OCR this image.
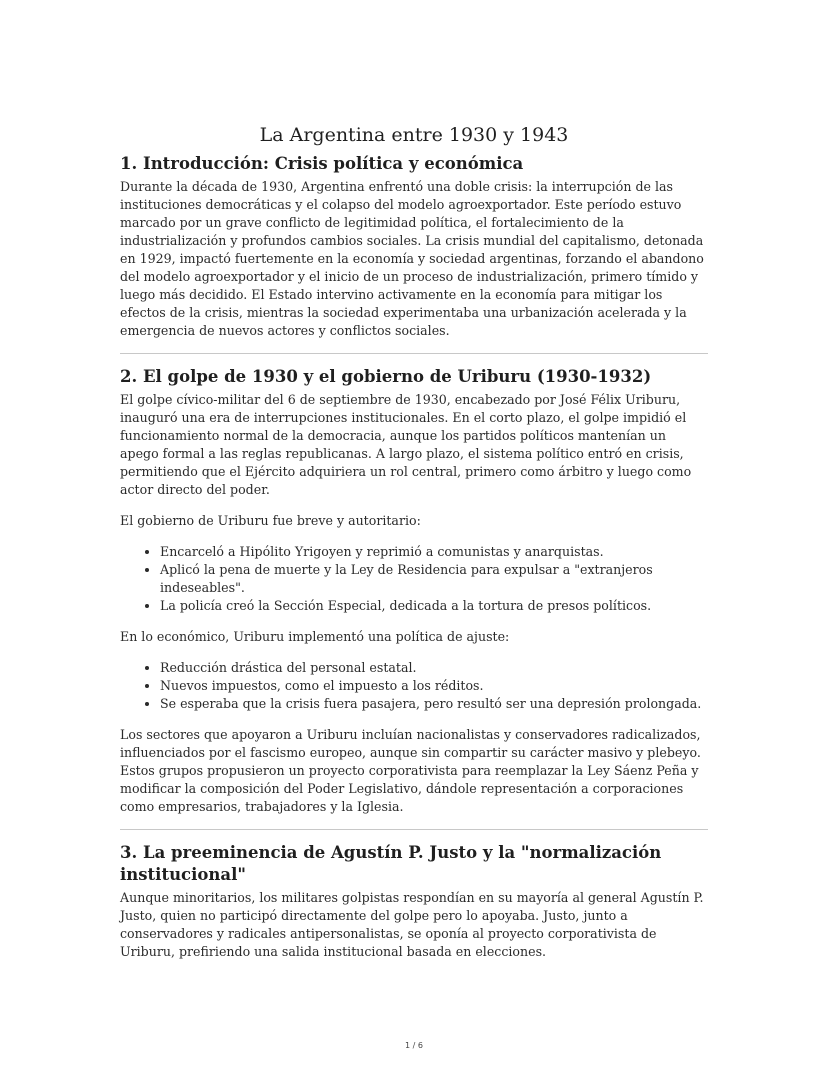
La Argentina entre 1930 y 1943
1. Introducción: Crisis política y económica

Durante la década de 1930, Argentina enfrentó una doble crisis: la interrupción de las instituciones democráticas y el colapso del modelo agroexportador. Este período estuvo marcado por un grave conflicto de legitimidad política, el fortalecimiento de la industrialización y profundos cambios sociales. La crisis mundial del capitalismo, detonada en 1929, impactó fuertemente en la economía y sociedad argentinas, forzando el abandono del modelo agroexportador y el inicio de un proceso de industrialización, primero tímido y luego más decidido. El Estado intervino activamente en la economía para mitigar los efectos de la crisis, mientras la sociedad experimentaba una urbanización acelerada y la emergencia de nuevos actores y conflictos sociales.

2. El golpe de 1930 y el gobierno de Uriburu (1930-1932)

El golpe cívico-militar del 6 de septiembre de 1930, encabezado por José Félix Uriburu, inauguró una era de interrupciones institucionales. En el corto plazo, el golpe impidió el funcionamiento normal de la democracia, aunque los partidos políticos mantenían un apego formal a las reglas republicanas. A largo plazo, el sistema político entró en crisis, permitiendo que el Ejército adquiriera un rol central, primero como árbitro y luego como actor directo del poder.

El gobierno de Uriburu fue breve y autoritario:

• Encarceló a Hipólito Yrigoyen y reprimió a comunistas y anarquistas.
• Aplicó la pena de muerte y la Ley de Residencia para expulsar a "extranjeros indeseables".
• La policía creó la Sección Especial, dedicada a la tortura de presos políticos.

En lo económico, Uriburu implementó una política de ajuste:

• Reducción drástica del personal estatal.
• Nuevos impuestos, como el impuesto a los réditos.
• Se esperaba que la crisis fuera pasajera, pero resultó ser una depresión prolongada.

Los sectores que apoyaron a Uriburu incluían nacionalistas y conservadores radicalizados, influenciados por el fascismo europeo, aunque sin compartir su carácter masivo y plebeyo. Estos grupos propusieron un proyecto corporativista para reemplazar la Ley Sáenz Peña y modificar la composición del Poder Legislativo, dándole representación a corporaciones como empresarios, trabajadores y la Iglesia.

3. La preeminencia de Agustín P. Justo y la "normalización institucional"

Aunque minoritarios, los militares golpistas respondían en su mayoría al general Agustín P. Justo, quien no participó directamente del golpe pero lo apoyaba. Justo, junto a conservadores y radicales antipersonalistas, se oponía al proyecto corporativista de Uriburu, prefiriendo una salida institucional basada en elecciones.

1 / 6
